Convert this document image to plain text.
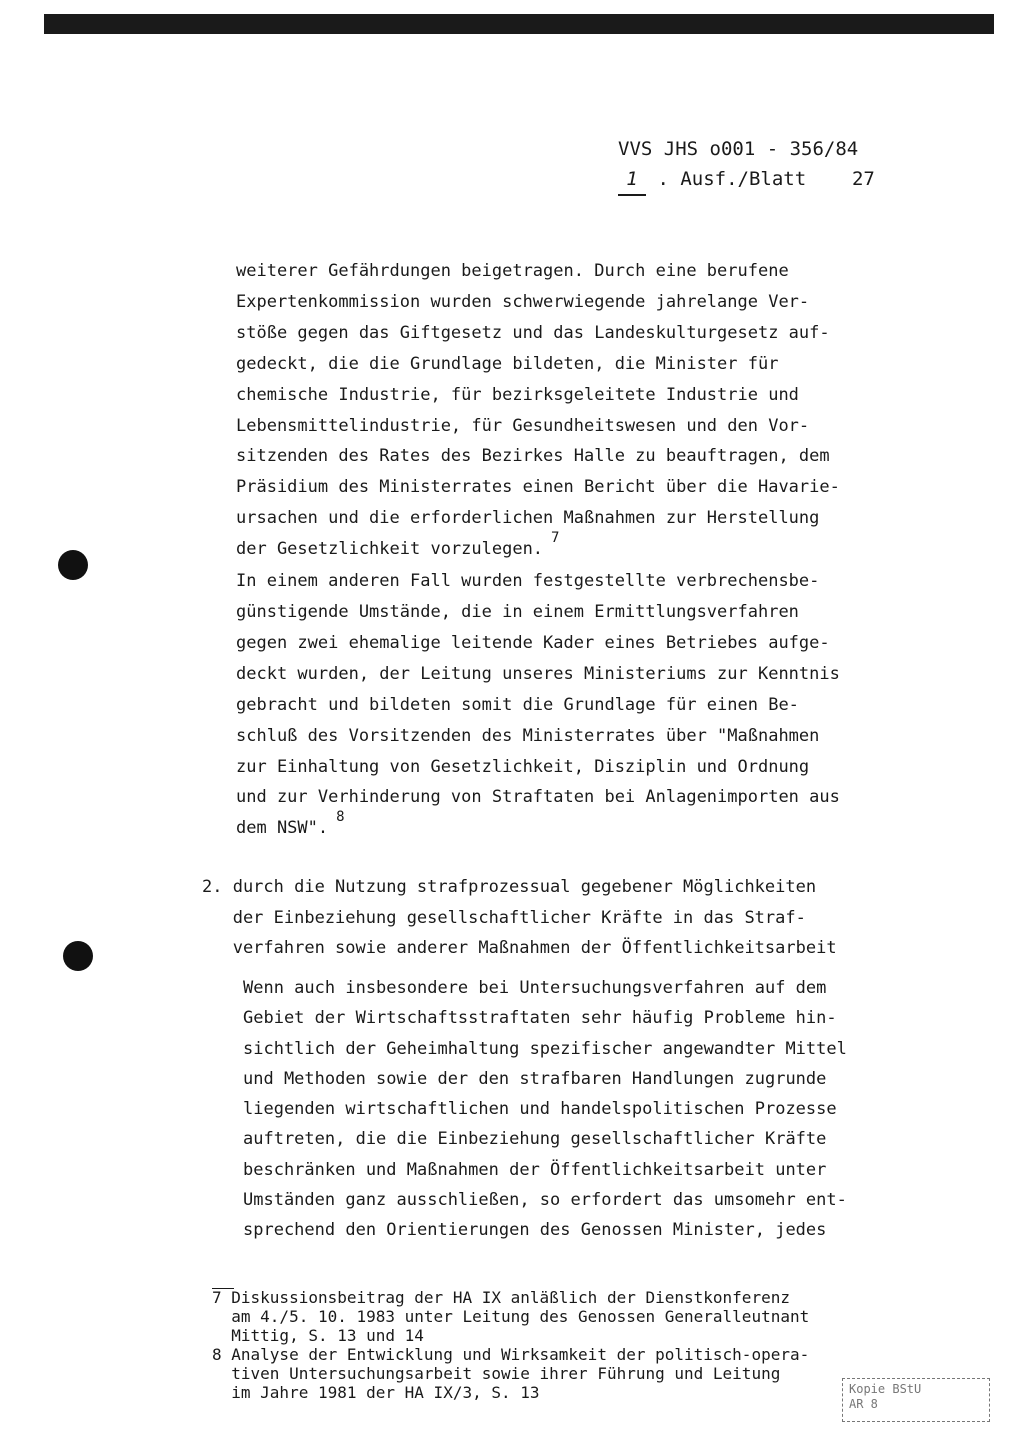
VVS JHS o001 - 356/84
1 . Ausf./Blatt 27
weiterer Gefährdungen beigetragen. Durch eine berufene
Expertenkommission wurden schwerwiegende jahrelange Ver-
stöße gegen das Giftgesetz und das Landeskulturgesetz auf-
gedeckt, die die Grundlage bildeten, die Minister für
chemische Industrie, für bezirksgeleitete Industrie und
Lebensmittelindustrie, für Gesundheitswesen und den Vor-
sitzenden des Rates des Bezirkes Halle zu beauftragen, dem
Präsidium des Ministerrates einen Bericht über die Havarie-
ursachen und die erforderlichen Maßnahmen zur Herstellung
der Gesetzlichkeit vorzulegen.$^7$
In einem anderen Fall wurden festgestellte verbrechensbe-
günstigende Umstände, die in einem Ermittlungsverfahren
gegen zwei ehemalige leitende Kader eines Betriebes aufge-
deckt wurden, der Leitung unseres Ministeriums zur Kenntnis
gebracht und bildeten somit die Grundlage für einen Be-
schluß des Vorsitzenden des Ministerrates über "Maßnahmen
zur Einhaltung von Gesetzlichkeit, Disziplin und Ordnung
und zur Verhinderung von Straftaten bei Anlagenimporten aus
dem NSW".$^8$
2. durch die Nutzung strafprozessual gegebener Möglichkeiten
der Einbeziehung gesellschaftlicher Kräfte in das Straf-
verfahren sowie anderer Maßnahmen der Öffentlichkeitsarbeit
Wenn auch insbesondere bei Untersuchungsverfahren auf dem
Gebiet der Wirtschaftsstraftaten sehr häufig Probleme hin-
sichtlich der Geheimhaltung spezifischer angewandter Mittel
und Methoden sowie der den strafbaren Handlungen zugrunde
liegenden wirtschaftlichen und handelspolitischen Prozesse
auftreten, die die Einbeziehung gesellschaftlicher Kräfte
beschränken und Maßnahmen der Öffentlichkeitsarbeit unter
Umständen ganz ausschließen, so erfordert das umsomehr ent-
sprechend den Orientierungen des Genossen Minister, jedes
7 Diskussionsbeitrag der HA IX anläßlich der Dienstkonferenz
am 4./5. 10. 1983 unter Leitung des Genossen Generalleutnant
Mittig, S. 13 und 14
8 Analyse der Entwicklung und Wirksamkeit der politisch-opera-
tiven Untersuchungsarbeit sowie ihrer Führung und Leitung
im Jahre 1981 der HA IX/3, S. 13	Kopie BStU
AR 8
